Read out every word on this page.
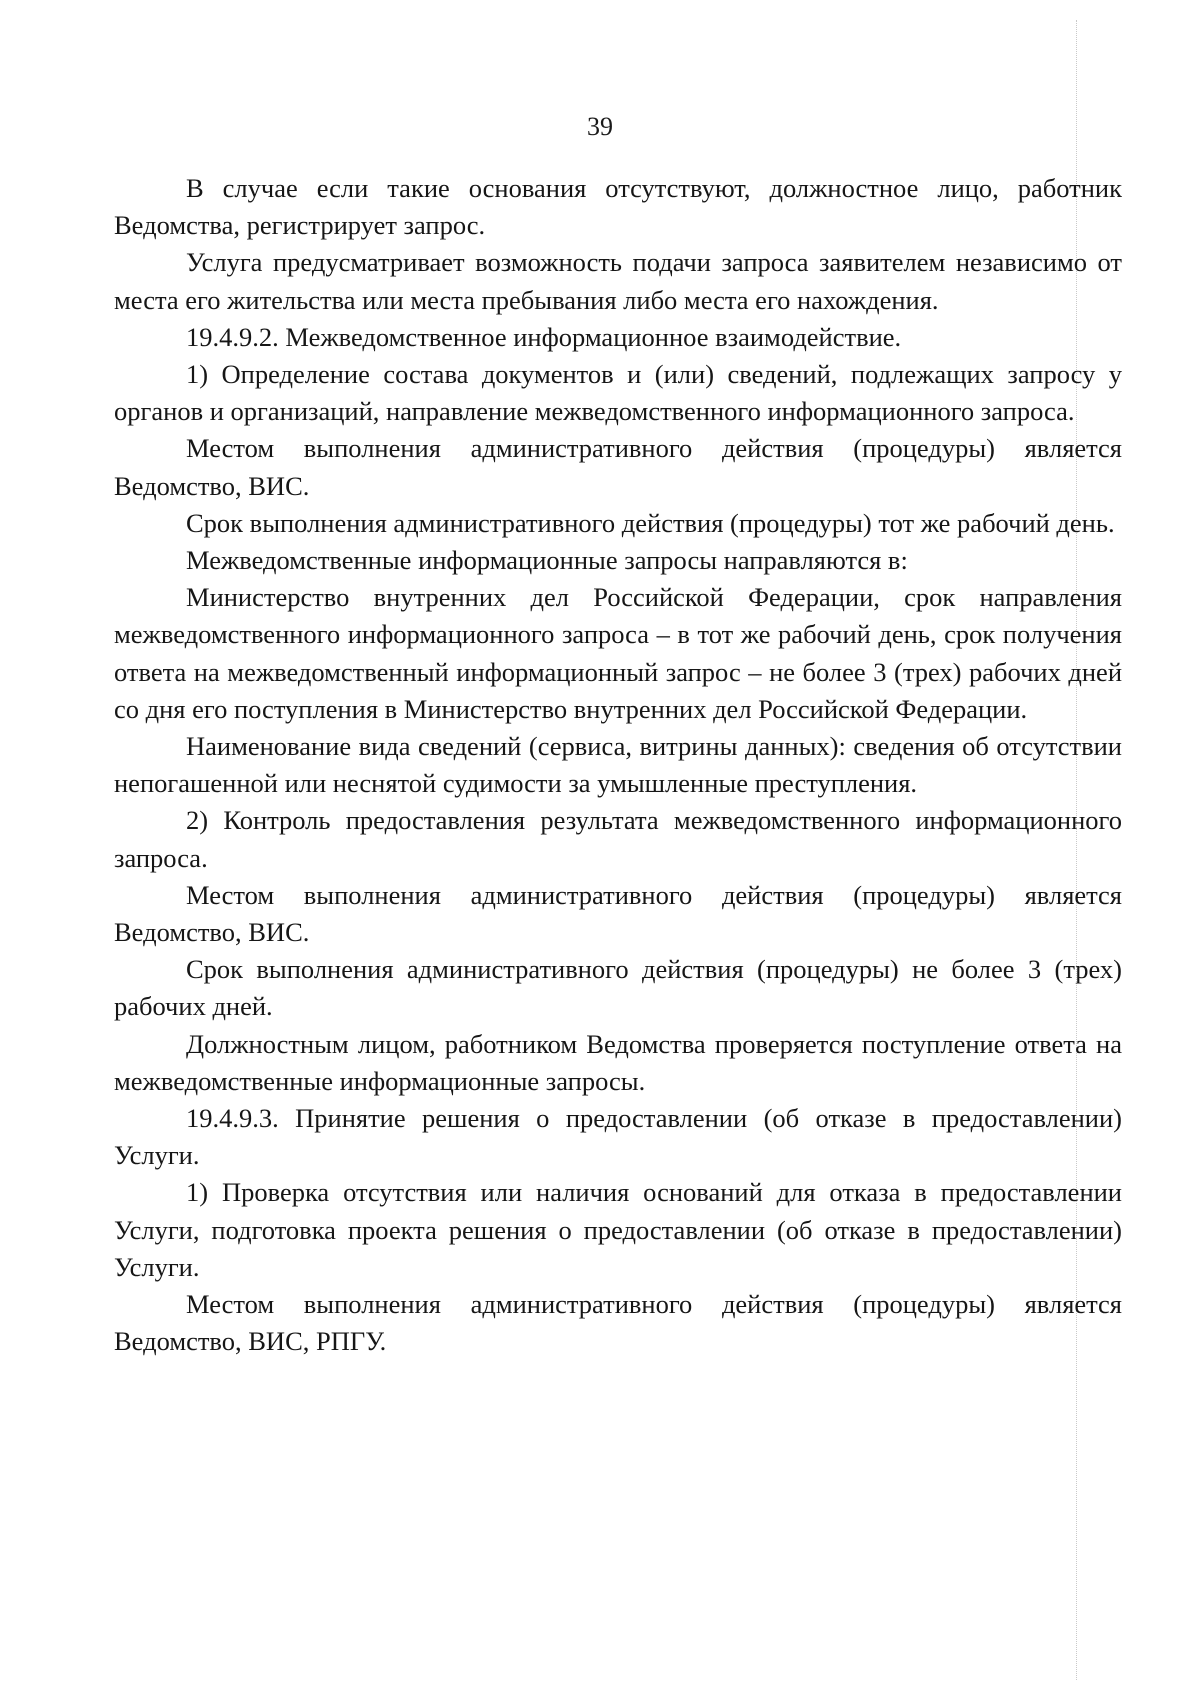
39

В случае если такие основания отсутствуют, должностное лицо, работник Ведомства, регистрирует запрос.

Услуга предусматривает возможность подачи запроса заявителем независимо от места его жительства или места пребывания либо места его нахождения.

19.4.9.2. Межведомственное информационное взаимодействие.

1) Определение состава документов и (или) сведений, подлежащих запросу у органов и организаций, направление межведомственного информационного запроса.

Местом выполнения административного действия (процедуры) является Ведомство, ВИС.

Срок выполнения административного действия (процедуры) тот же рабочий день.

Межведомственные информационные запросы направляются в:

Министерство внутренних дел Российской Федерации, срок направления межведомственного информационного запроса – в тот же рабочий день, срок получения ответа на межведомственный информационный запрос – не более 3 (трех) рабочих дней со дня его поступления в Министерство внутренних дел Российской Федерации.

Наименование вида сведений (сервиса, витрины данных): сведения об отсутствии непогашенной или неснятой судимости за умышленные преступления.

2) Контроль предоставления результата межведомственного информационного запроса.

Местом выполнения административного действия (процедуры) является Ведомство, ВИС.

Срок выполнения административного действия (процедуры) не более 3 (трех) рабочих дней.

Должностным лицом, работником Ведомства проверяется поступление ответа на межведомственные информационные запросы.

19.4.9.3. Принятие решения о предоставлении (об отказе в предоставлении) Услуги.

1) Проверка отсутствия или наличия оснований для отказа в предоставлении Услуги, подготовка проекта решения о предоставлении (об отказе в предоставлении) Услуги.

Местом выполнения административного действия (процедуры) является Ведомство, ВИС, РПГУ.
